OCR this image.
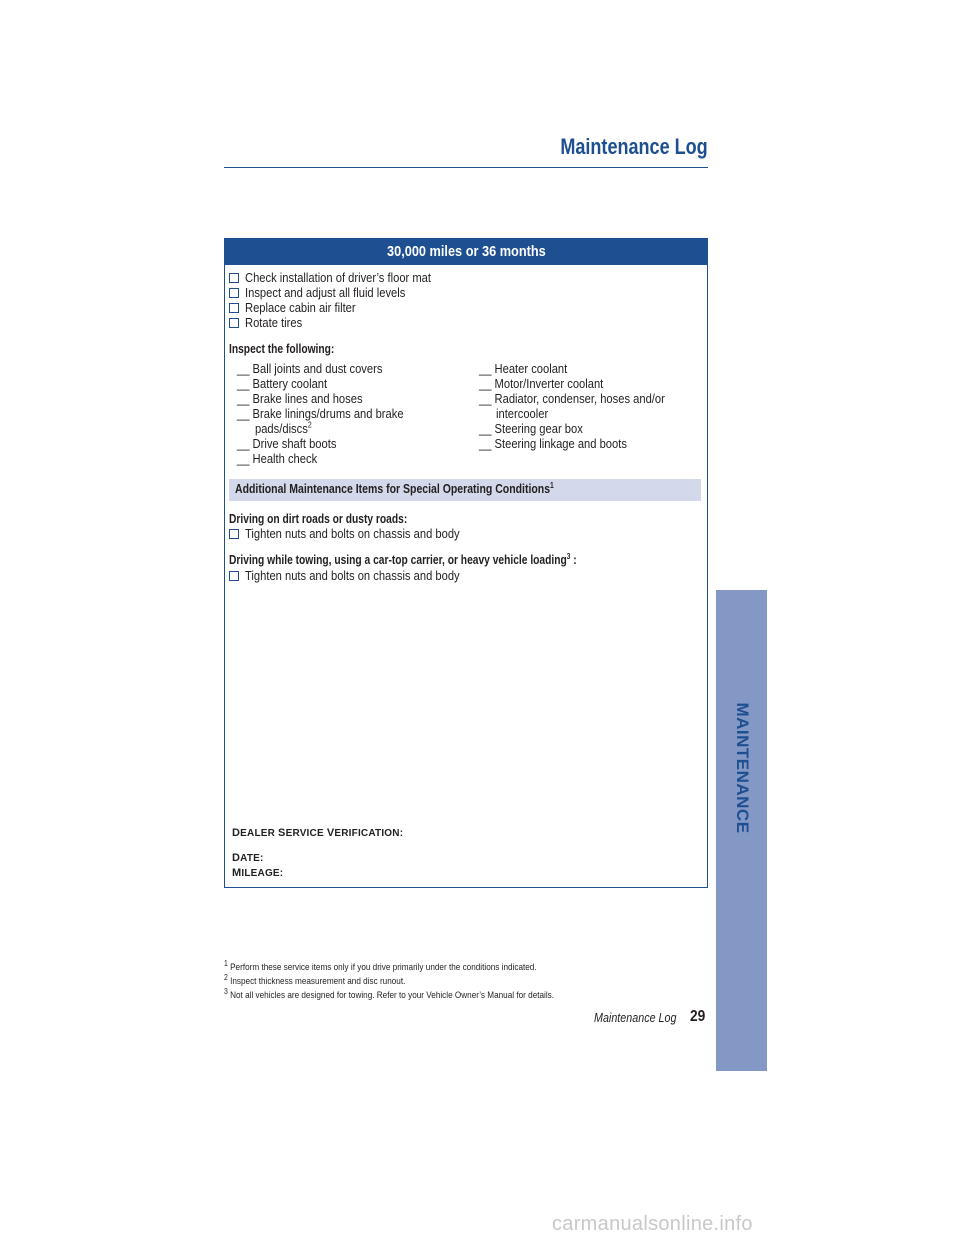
Maintenance Log
30,000 miles or 36 months
Check installation of driver’s floor mat
Inspect and adjust all fluid levels
Replace cabin air filter
Rotate tires
Inspect the following:
__ Ball joints and dust covers
__ Battery coolant
__ Brake lines and hoses
__ Brake linings/drums and brake
pads/discs$^2$
__ Drive shaft boots
__ Health check
__ Heater coolant
__ Motor/Inverter coolant
__ Radiator, condenser, hoses and/or
intercooler
__ Steering gear box
__ Steering linkage and boots
Additional Maintenance Items for Special Operating Conditions$^1$
Driving on dirt roads or dusty roads:
Tighten nuts and bolts on chassis and body
Driving while towing, using a car-top carrier, or heavy vehicle loading$^3$ :
Tighten nuts and bolts on chassis and body
DEALER SERVICE VERIFICATION:
DATE:
MILEAGE:
$^1$ Perform these service items only if you drive primarily under the conditions indicated.
$^2$ Inspect thickness measurement and disc runout.
$^3$ Not all vehicles are designed for towing. Refer to your Vehicle Owner’s Manual for details.
Maintenance Log 29
MAINTENANCE
carmanualsonline.info
